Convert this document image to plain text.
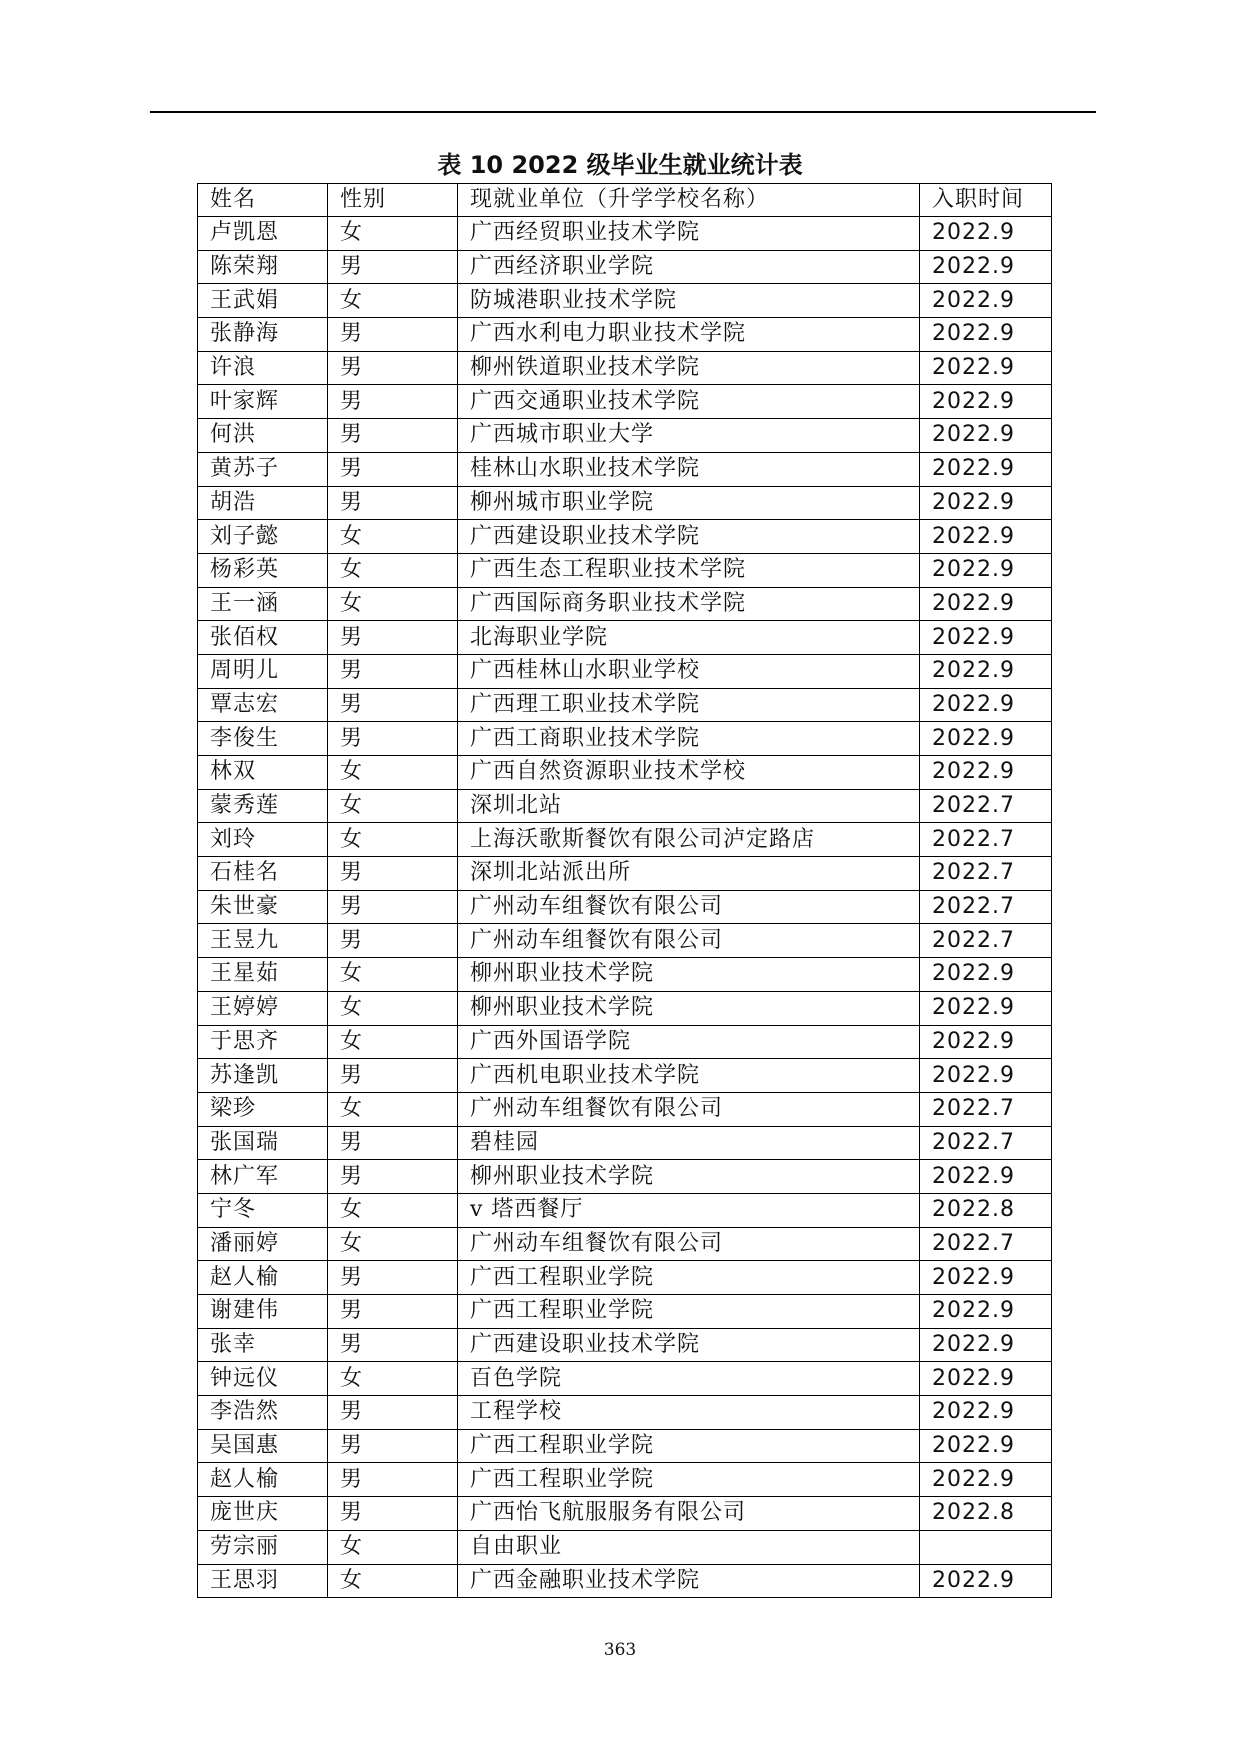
表 10 2022 级毕业生就业统计表
姓名	性别	现就业单位（升学学校名称）	入职时间
卢凯恩	女	广西经贸职业技术学院	2022.9
陈荣翔	男	广西经济职业学院	2022.9
王武娟	女	防城港职业技术学院	2022.9
张静海	男	广西水利电力职业技术学院	2022.9
许浪	男	柳州铁道职业技术学院	2022.9
叶家辉	男	广西交通职业技术学院	2022.9
何洪	男	广西城市职业大学	2022.9
黄苏子	男	桂林山水职业技术学院	2022.9
胡浩	男	柳州城市职业学院	2022.9
刘子懿	女	广西建设职业技术学院	2022.9
杨彩英	女	广西生态工程职业技术学院	2022.9
王一涵	女	广西国际商务职业技术学院	2022.9
张佰权	男	北海职业学院	2022.9
周明儿	男	广西桂林山水职业学校	2022.9
覃志宏	男	广西理工职业技术学院	2022.9
李俊生	男	广西工商职业技术学院	2022.9
林双	女	广西自然资源职业技术学校	2022.9
蒙秀莲	女	深圳北站	2022.7
刘玲	女	上海沃歌斯餐饮有限公司泸定路店	2022.7
石桂名	男	深圳北站派出所	2022.7
朱世豪	男	广州动车组餐饮有限公司	2022.7
王昱九	男	广州动车组餐饮有限公司	2022.7
王星茹	女	柳州职业技术学院	2022.9
王婷婷	女	柳州职业技术学院	2022.9
于思齐	女	广西外国语学院	2022.9
苏逢凯	男	广西机电职业技术学院	2022.9
梁珍	女	广州动车组餐饮有限公司	2022.7
张国瑞	男	碧桂园	2022.7
林广军	男	柳州职业技术学院	2022.9
宁冬	女	v 塔西餐厅	2022.8
潘丽婷	女	广州动车组餐饮有限公司	2022.7
赵人榆	男	广西工程职业学院	2022.9
谢建伟	男	广西工程职业学院	2022.9
张幸	男	广西建设职业技术学院	2022.9
钟远仪	女	百色学院	2022.9
李浩然	男	工程学校	2022.9
吴国惠	男	广西工程职业学院	2022.9
赵人榆	男	广西工程职业学院	2022.9
庞世庆	男	广西怡飞航服服务有限公司	2022.8
劳宗丽	女	自由职业	
王思羽	女	广西金融职业技术学院	2022.9
363
